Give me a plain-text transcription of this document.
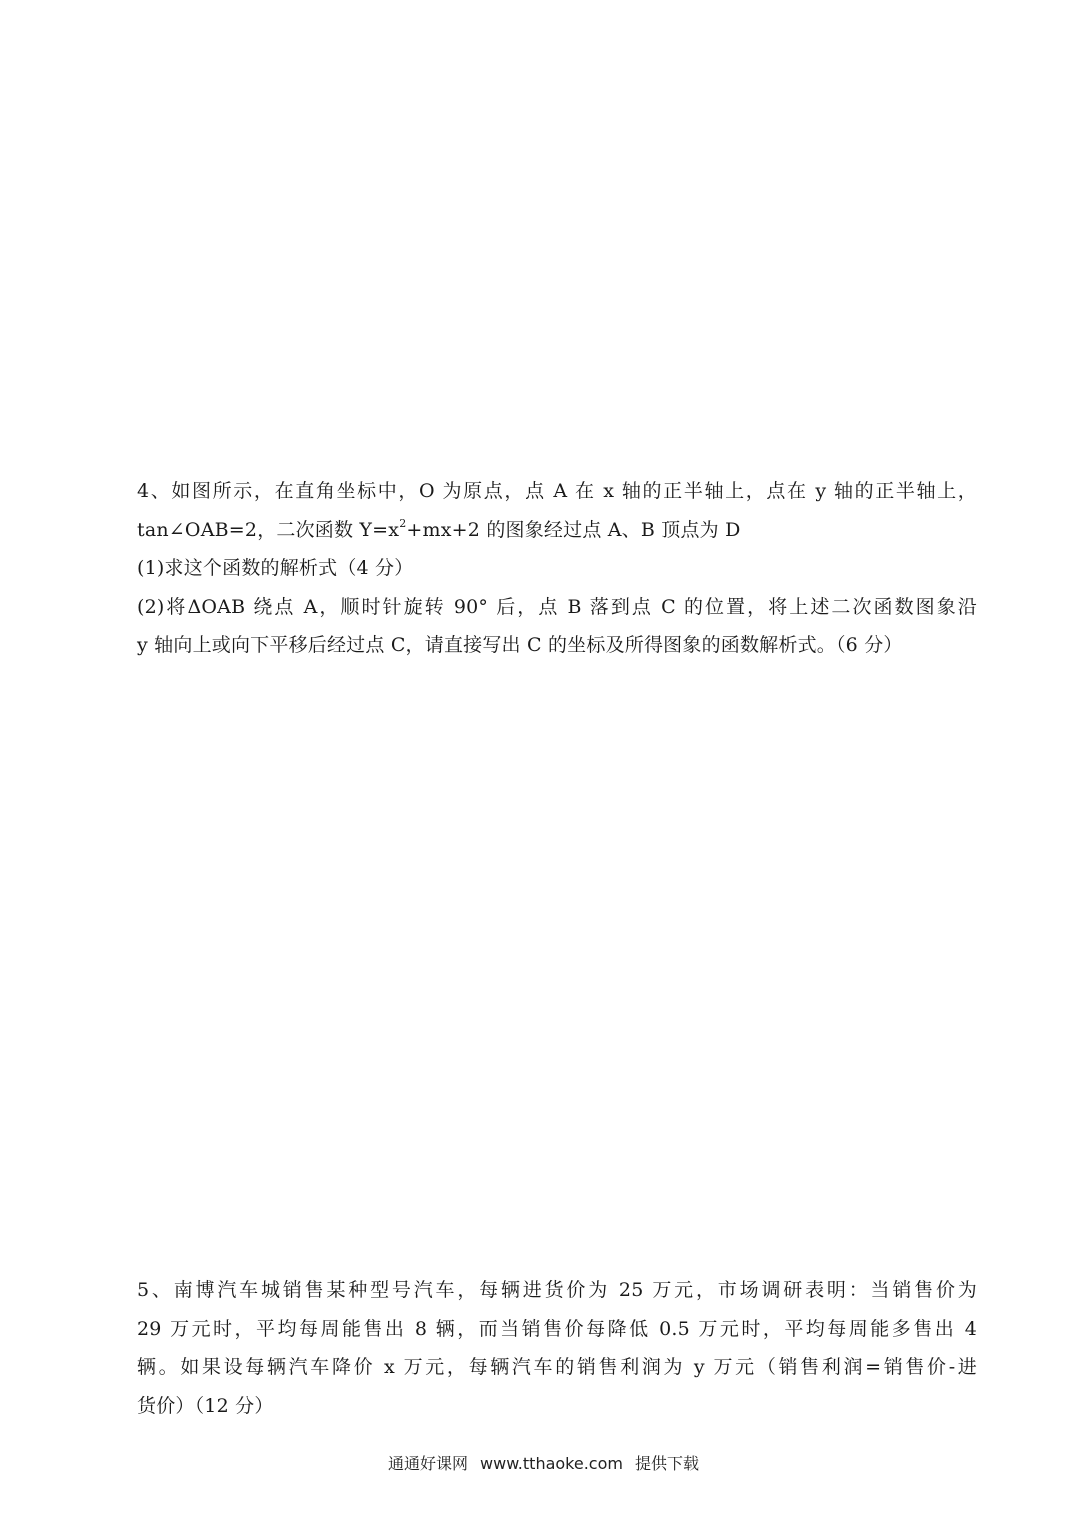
4、如图所示，在直角坐标中，O 为原点，点 A 在 x 轴的正半轴上，点在 y 轴的正半轴上，
tan∠OAB=2，二次函数 $Y=x^2+mx+2$ 的图象经过点 A、B 顶点为 D
(1)求这个函数的解析式（4 分）
(2)将ΔOAB 绕点 A，顺时针旋转 90° 后，点 B 落到点 C 的位置，将上述二次函数图象沿
y 轴向上或向下平移后经过点 C，请直接写出 C 的坐标及所得图象的函数解析式。（6 分）
5、南博汽车城销售某种型号汽车，每辆进货价为 25 万元，市场调研表明：当销售价为
29 万元时，平均每周能售出 8 辆，而当销售价每降低 0.5 万元时，平均每周能多售出 4
辆。如果设每辆汽车降价 x 万元，每辆汽车的销售利润为 y 万元（销售利润=销售价-进
货价）（12 分）
通通好课网 www.tthaoke.com 提供下载
